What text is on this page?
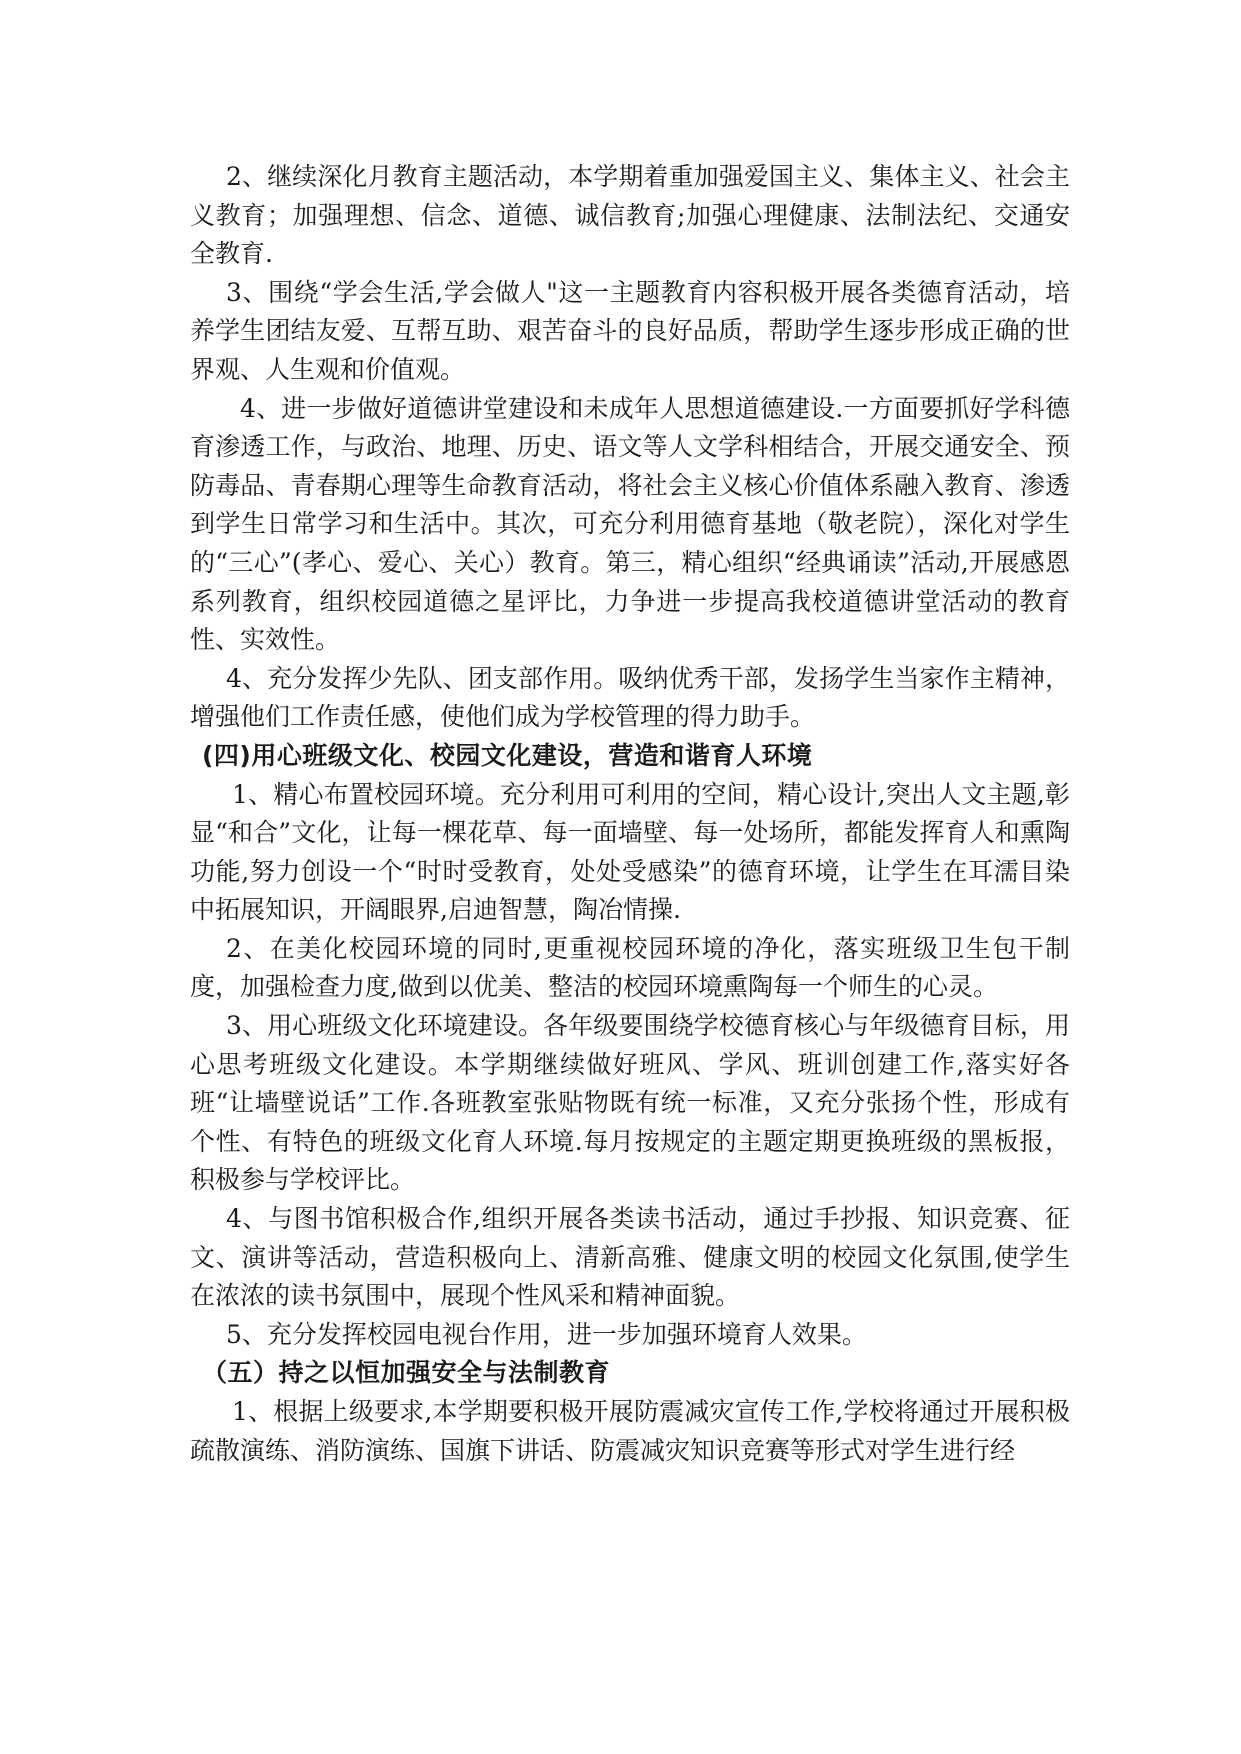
2、继续深化月教育主题活动，本学期着重加强爱国主义、集体主义、社会主义教育；加强理想、信念、道德、诚信教育;加强心理健康、法制法纪、交通安全教育.

3、围绕“学会生活,学会做人"这一主题教育内容积极开展各类德育活动，培养学生团结友爱、互帮互助、艰苦奋斗的良好品质，帮助学生逐步形成正确的世界观、人生观和价值观。

4、进一步做好道德讲堂建设和未成年人思想道德建设.一方面要抓好学科德育渗透工作，与政治、地理、历史、语文等人文学科相结合，开展交通安全、预防毒品、青春期心理等生命教育活动，将社会主义核心价值体系融入教育、渗透到学生日常学习和生活中。其次，可充分利用德育基地（敬老院），深化对学生的“三心”(孝心、爱心、关心）教育。第三，精心组织“经典诵读”活动,开展感恩系列教育，组织校园道德之星评比，力争进一步提高我校道德讲堂活动的教育性、实效性。

4、充分发挥少先队、团支部作用。吸纳优秀干部，发扬学生当家作主精神，增强他们工作责任感，使他们成为学校管理的得力助手。

(四)用心班级文化、校园文化建设，营造和谐育人环境

1、精心布置校园环境。充分利用可利用的空间，精心设计,突出人文主题,彰显“和合”文化，让每一棵花草、每一面墙壁、每一处场所，都能发挥育人和熏陶功能,努力创设一个“时时受教育，处处受感染”的德育环境，让学生在耳濡目染中拓展知识，开阔眼界,启迪智慧，陶冶情操.

2、在美化校园环境的同时,更重视校园环境的净化，落实班级卫生包干制度，加强检查力度,做到以优美、整洁的校园环境熏陶每一个师生的心灵。

3、用心班级文化环境建设。各年级要围绕学校德育核心与年级德育目标，用心思考班级文化建设。本学期继续做好班风、学风、班训创建工作,落实好各班“让墙壁说话”工作.各班教室张贴物既有统一标准，又充分张扬个性，形成有个性、有特色的班级文化育人环境.每月按规定的主题定期更换班级的黑板报，积极参与学校评比。

4、与图书馆积极合作,组织开展各类读书活动，通过手抄报、知识竞赛、征文、演讲等活动，营造积极向上、清新高雅、健康文明的校园文化氛围,使学生在浓浓的读书氛围中，展现个性风采和精神面貌。

5、充分发挥校园电视台作用，进一步加强环境育人效果。

（五）持之以恒加强安全与法制教育

1、根据上级要求,本学期要积极开展防震减灾宣传工作,学校将通过开展积极疏散演练、消防演练、国旗下讲话、防震减灾知识竞赛等形式对学生进行经
